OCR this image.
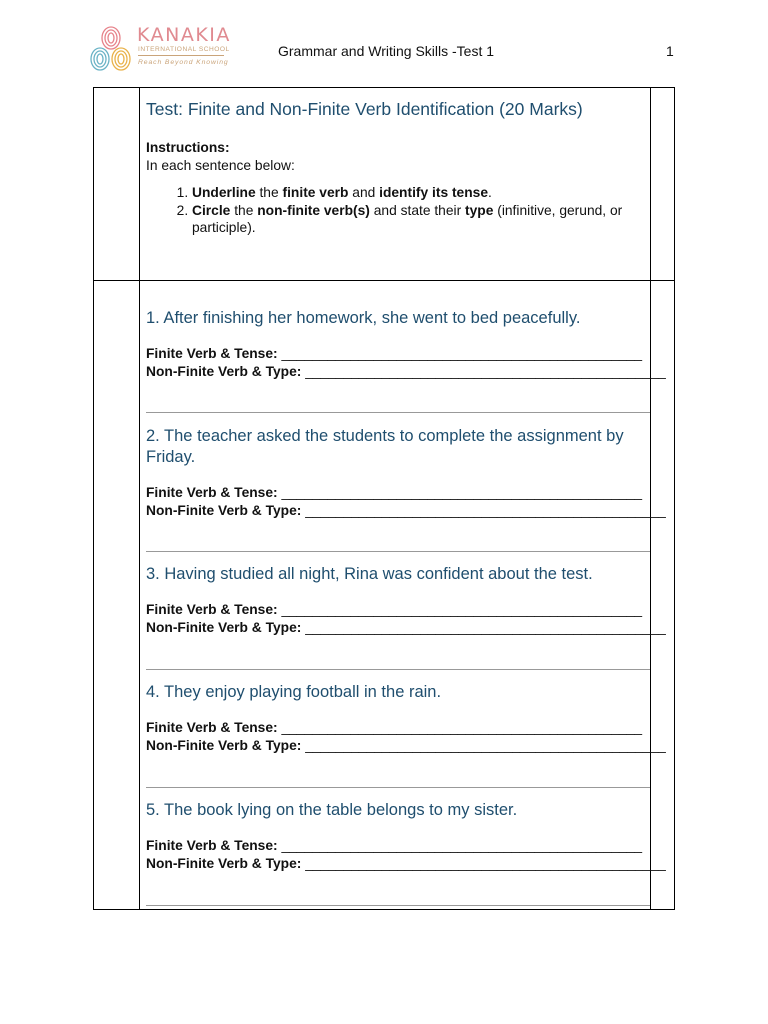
KANAKIA
INTERNATIONAL SCHOOL
Reach Beyond Knowing
Grammar and Writing Skills -Test 1	1
Test: Finite and Non-Finite Verb Identification (20 Marks)
Instructions:
In each sentence below:
1. Underline the finite verb and identify its tense.
2. Circle the non-finite verb(s) and state their type (infinitive, gerund, or participle).
1. After finishing her homework, she went to bed peacefully.
Finite Verb & Tense: _______________________________________________
Non-Finite Verb & Type: _______________________________________________
2. The teacher asked the students to complete the assignment by Friday.
Finite Verb & Tense: _______________________________________________
Non-Finite Verb & Type: _______________________________________________
3. Having studied all night, Rina was confident about the test.
Finite Verb & Tense: _______________________________________________
Non-Finite Verb & Type: _______________________________________________
4. They enjoy playing football in the rain.
Finite Verb & Tense: _______________________________________________
Non-Finite Verb & Type: _______________________________________________
5. The book lying on the table belongs to my sister.
Finite Verb & Tense: _______________________________________________
Non-Finite Verb & Type: _______________________________________________
